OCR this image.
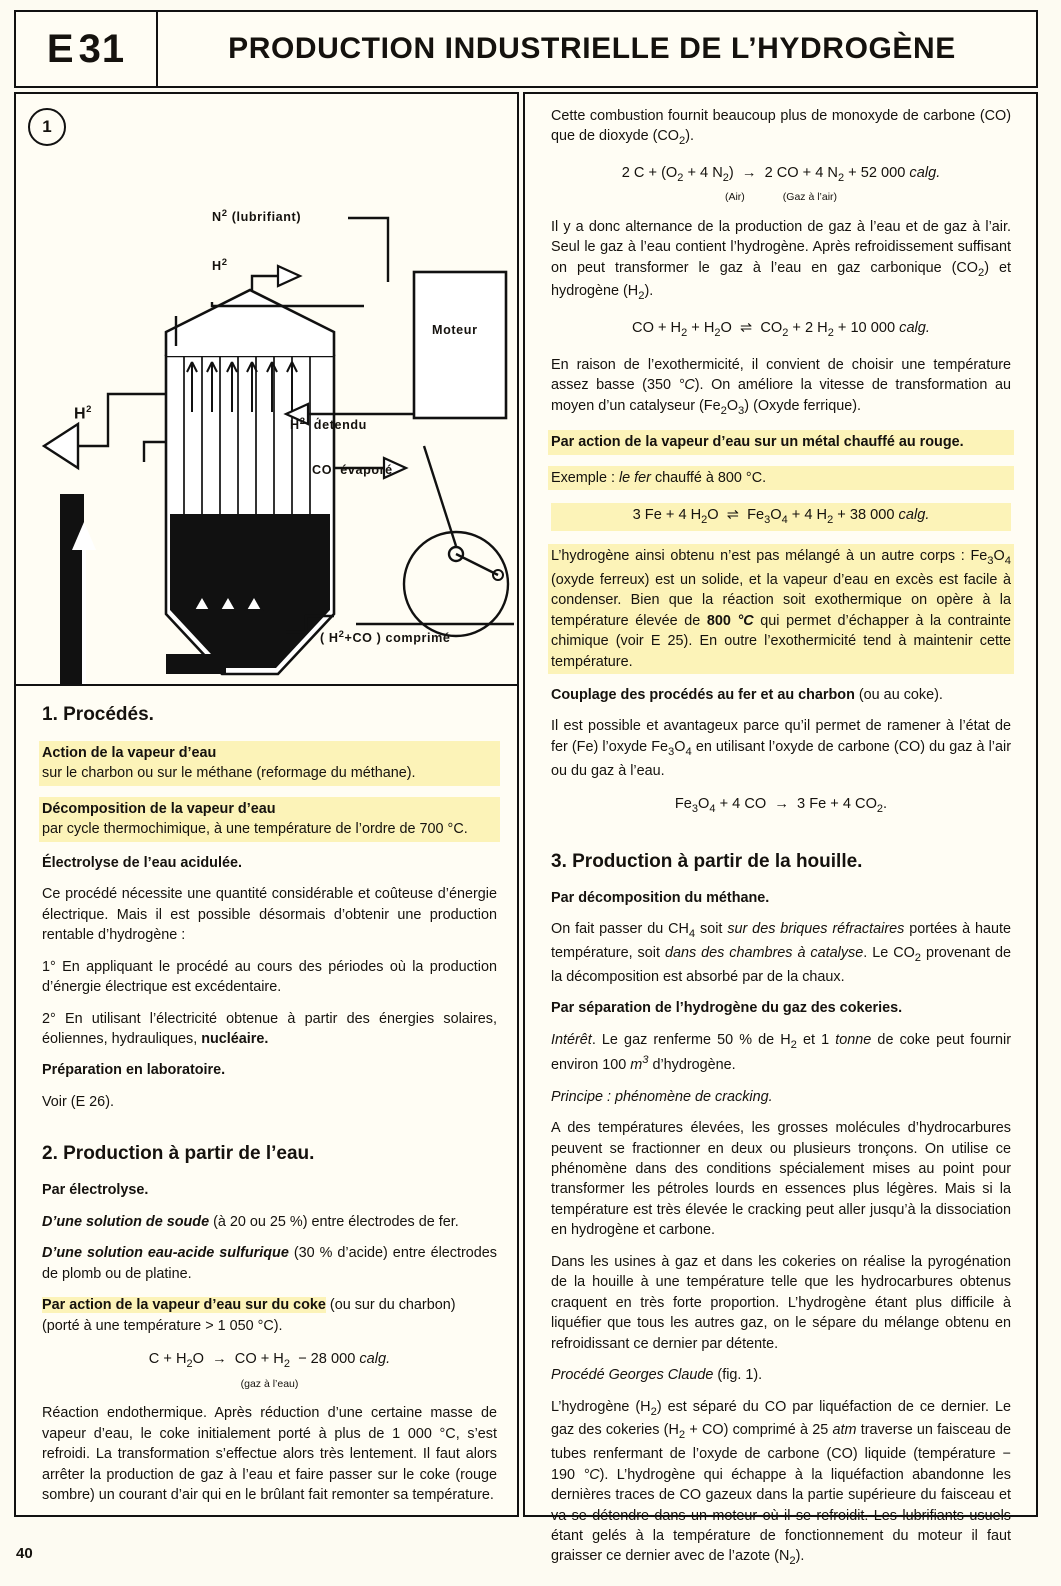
E 31	PRODUCTION INDUSTRIELLE DE L’HYDROGÈNE
1
$N^2$ (lubrifiant)
$H^2$
Moteur
$H^2$
$H^2$  d́etendu
CO  évaporé
( $H^2+CO$ ) comprimé
1. Procédés.
Action de la vapeur d’eau
sur le charbon ou sur le méthane (reformage du méthane).
Décomposition de la vapeur d’eau
par cycle thermochimique, à une température de l’ordre de 700 °C.

Électrolyse de l’eau acidulée.

Ce procédé nécessite une quantité considérable et coûteuse d’énergie électrique. Mais il est possible désormais d’obtenir une production rentable d’hydrogène :

1° En appliquant le procédé au cours des périodes où la production d’énergie électrique est excédentaire.

2° En utilisant l’électricité obtenue à partir des énergies solaires, éoliennes, hydrauliques, nucléaire.

Préparation en laboratoire.

Voir (E 26).

2. Production à partir de l’eau.

Par électrolyse.

D’une solution de soude (à 20 ou 25 %) entre électrodes de fer.

D’une solution eau-acide sulfurique (30 % d’acide) entre électrodes de plomb ou de platine.

Par action de la vapeur d’eau sur du coke (ou sur du charbon)
(porté à une température > 1 050 °C).

$C + H_2O$  →  CO + $H_2 - 28$ 000 calg.
(gaz à l’eau)

Réaction endothermique. Après réduction d’une certaine masse de vapeur d’eau, le coke initialement porté à plus de 1 000 °C, s’est refroidi. La transformation s’effectue alors très lentement. Il faut alors arrêter la production de gaz à l’eau et faire passer sur le coke (rouge sombre) un courant d’air qui en le brûlant fait remonter sa température.

Cette combustion fournit beaucoup plus de monoxyde de carbone (CO) que de dioxyde $(CO_2)$.

2 $C + (O_2 + 4$ $N_2) \to 2$ CO + 4 $N_2 + 52$ 000 calg.
(Air)	(Gaz à l’air)

Il y a donc alternance de la production de gaz à l’eau et de gaz à l’air. Seul le gaz à l’eau contient l’hydrogène. Après refroidissement suffisant on peut transformer le gaz à l’eau en gaz carbonique $(CO_2)$ et hydrogène $(H_2)$.

CO + $H_2 + H_2O$  ⇌  $CO_2 + 2$ $H_2 + 10$ 000 calg.

En raison de l’exothermicité, il convient de choisir une température assez basse (350 °C). On améliore la vitesse de transformation au moyen d’un catalyseur $(Fe_2O_3)$ (Oxyde ferrique).

Par action de la vapeur d’eau sur un métal chauffé au rouge.

Exemple : le fer chauffé à 800 °C.

3 Fe + 4 $H_2O$  ⇌  $Fe_3O_4 + 4$ $H_2 + 38$ 000 calg.

L’hydrogène ainsi obtenu n’est pas mélangé à un autre corps : $Fe_3O_4$ (oxyde ferreux) est un solide, et la vapeur d’eau en excès est facile à condenser. Bien que la réaction soit exothermique on opère à la température élevée de 800 °C qui permet d’échapper à la contrainte chimique (voir E 25). En outre l’exothermicité tend à maintenir cette température.

Couplage des procédés au fer et au charbon (ou au coke).

Il est possible et avantageux parce qu’il permet de ramener à l’état de fer (Fe) l’oxyde $Fe_3O_4$ en utilisant l’oxyde de carbone (CO) du gaz à l’air ou du gaz à l’eau.

$Fe_3O_4 + 4$ CO  →  3 Fe + 4 $CO_2$.
3. Production à partir de la houille.

Par décomposition du méthane.

On fait passer du $CH_4$ soit sur des briques réfractaires portées à haute température, soit dans des chambres à catalyse. Le $CO_2$ provenant de la décomposition est absorbé par de la chaux.

Par séparation de l’hydrogène du gaz des cokeries.

Intérêt. Le gaz renferme 50 % de $H_2$ et 1 tonne de coke peut fournir environ 100 $m^3$ d’hydrogène.

Principe : phénomène de cracking.

A des températures élevées, les grosses molécules d’hydrocarbures peuvent se fractionner en deux ou plusieurs tronçons. On utilise ce phénomène dans des conditions spécialement mises au point pour transformer les pétroles lourds en essences plus légères. Mais si la température est très élevée le cracking peut aller jusqu’à la dissociation en hydrogène et carbone.

Dans les usines à gaz et dans les cokeries on réalise la pyrogénation de la houille à une température telle que les hydrocarbures obtenus craquent en très forte proportion. L’hydrogène étant plus difficile à liquéfier que tous les autres gaz, on le sépare du mélange obtenu en refroidissant ce dernier par détente.

Procédé Georges Claude (fig. 1).

L’hydrogène $(H_2)$ est séparé du CO par liquéfaction de ce dernier. Le gaz des cokeries $(H_2 + CO)$ comprimé à 25 atm traverse un faisceau de tubes renfermant de l’oxyde de carbone (CO) liquide (température − 190 °C). L’hydrogène qui échappe à la liquéfaction abandonne les dernières traces de CO gazeux dans la partie supérieure du faisceau et va se détendre dans un moteur où il se refroidit. Les lubrifiants usuels étant gelés à la température de fonctionnement du moteur il faut graisser ce dernier avec de l’azote $(N_2)$.

40
